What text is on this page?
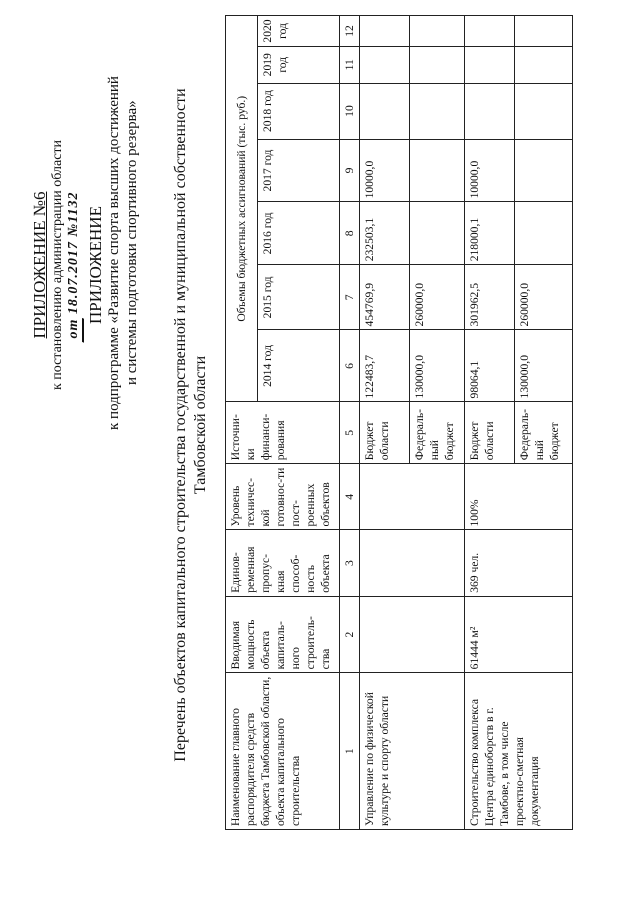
ПРИЛОЖЕНИЕ №6 к постановлению администрации области от 18.07.2017 №1132 ПРИЛОЖЕНИЕ к подпрограмме «Развитие спорта высших достижений и системы подготовки спортивного резерва» Перечень объектов капитального строительства государственной и муниципальной собственности Тамбовской области
Наименование главного распорядителя средств бюджета Тамбовской области, объекта капитального строительства	Вводимая мощность объекта капиталь-ного строитель-ства	Единов-ременная пропус-кная способ-ность объекта	Уровень техничес-кой готовнос-ти пост-роенных объектов	Источни-ки финанси-рования	Объемы бюджетных ассигнований (тыс. руб.)						
					2014 год	2015 год	2016 год	2017 год	2018 год	2019 год	2020 год
1	2	3	4	5	6	7	8	9	10	11	12
Управление по физической культуре и спорту области				Бюджет области	122483,7	454769,9	232503,1	10000,0			
				Федераль-ный бюджет	130000,0	260000,0					
Строительство комплекса Центра единоборств в г. Тамбове, в том числе проектно-сметная документация	61444 м²	369 чел.	100%	Бюджет области	98064,1	301962,5	218000,1	10000,0			
				Федераль-ный бюджет	130000,0	260000,0					
